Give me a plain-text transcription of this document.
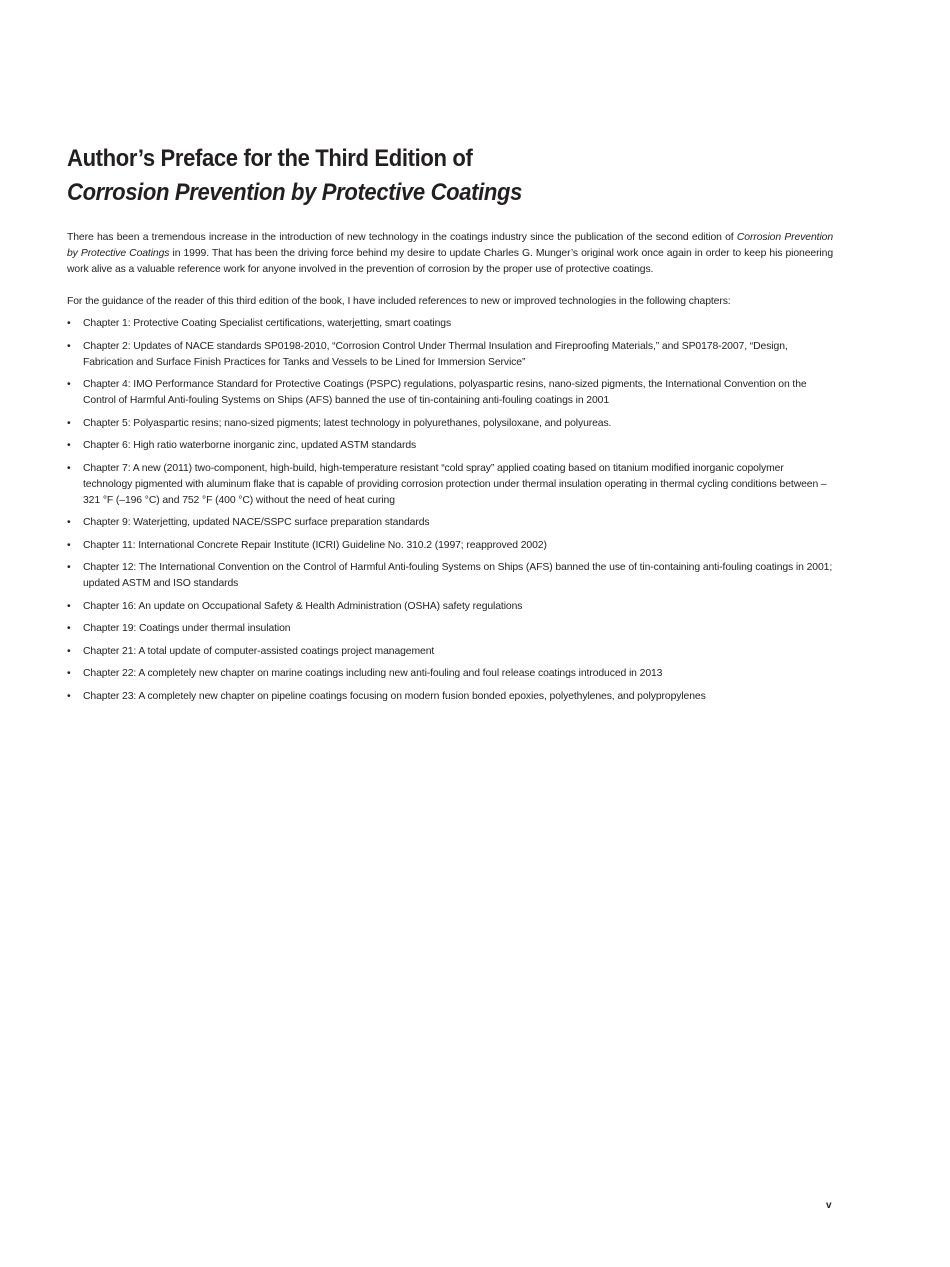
Author’s Preface for the Third Edition of
Corrosion Prevention by Protective Coatings

There has been a tremendous increase in the introduction of new technology in the coatings industry since the publication of the second edition of Corrosion Prevention by Protective Coatings in 1999. That has been the driving force behind my desire to update Charles G. Munger’s original work once again in order to keep his pioneering work alive as a valuable reference work for anyone involved in the prevention of corrosion by the proper use of protective coatings.

For the guidance of the reader of this third edition of the book, I have included references to new or improved technologies in the following chapters:

•	Chapter 1: Protective Coating Specialist certifications, waterjetting, smart coatings
•	Chapter 2: Updates of NACE standards SP0198-2010, “Corrosion Control Under Thermal Insulation and Fireproofing Materials,” and SP0178-2007, “Design, Fabrication and Surface Finish Practices for Tanks and Vessels to be Lined for Immersion Service”
•	Chapter 4: IMO Performance Standard for Protective Coatings (PSPC) regulations, polyaspartic resins, nano-sized pigments, the International Convention on the Control of Harmful Anti-fouling Systems on Ships (AFS) banned the use of tin-containing anti-fouling coatings in 2001
•	Chapter 5: Polyaspartic resins; nano-sized pigments; latest technology in polyurethanes, polysiloxane, and polyureas.
•	Chapter 6: High ratio waterborne inorganic zinc, updated ASTM standards
•	Chapter 7: A new (2011) two-component, high-build, high-temperature resistant “cold spray” applied coating based on titanium modified inorganic copolymer technology pigmented with aluminum flake that is capable of providing corrosion protection under thermal insulation operating in thermal cycling conditions between –321 °F (–196 °C) and 752 °F (400 °C) without the need of heat curing
•	Chapter 9: Waterjetting, updated NACE/SSPC surface preparation standards
•	Chapter 11: International Concrete Repair Institute (ICRI) Guideline No. 310.2 (1997; reapproved 2002)
•	Chapter 12: The International Convention on the Control of Harmful Anti-fouling Systems on Ships (AFS) banned the use of tin-containing anti-fouling coatings in 2001; updated ASTM and ISO standards
•	Chapter 16: An update on Occupational Safety & Health Administration (OSHA) safety regulations
•	Chapter 19: Coatings under thermal insulation
•	Chapter 21: A total update of computer-assisted coatings project management
•	Chapter 22: A completely new chapter on marine coatings including new anti-fouling and foul release coatings introduced in 2013
•	Chapter 23: A completely new chapter on pipeline coatings focusing on modern fusion bonded epoxies, polyethylenes, and polypropylenes
v
